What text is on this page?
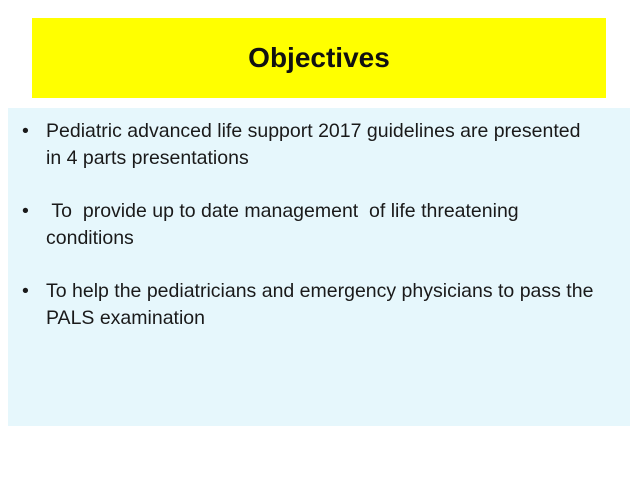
Objectives
• Pediatric advanced life support 2017 guidelines are presented in 4 parts presentations
• To  provide up to date management  of life threatening conditions
• To help the pediatricians and emergency physicians to pass the PALS examination
